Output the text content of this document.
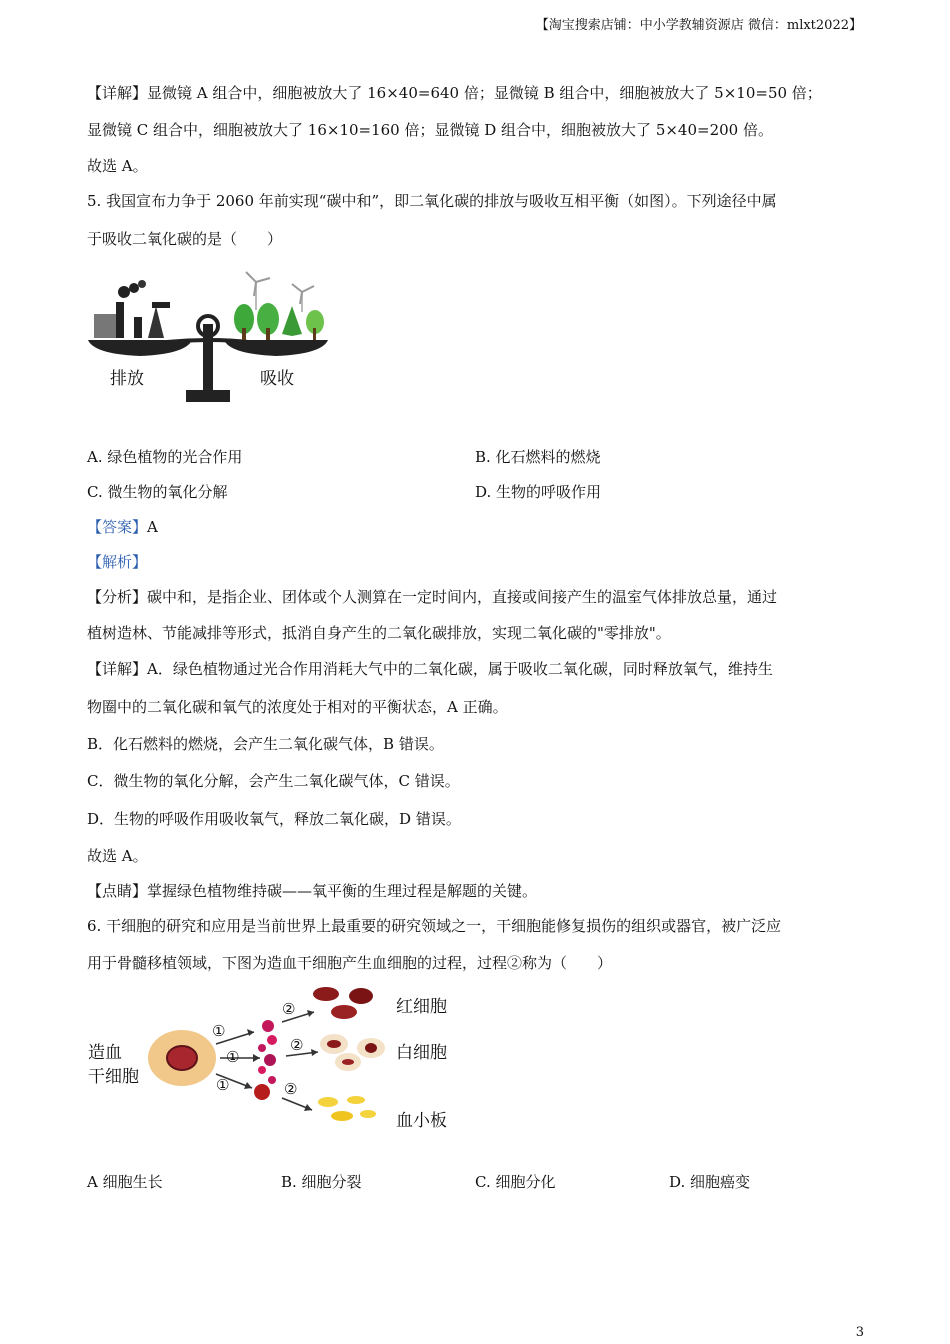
【淘宝搜索店铺：中小学教辅资源店 微信：mlxt2022】
【详解】显微镜 A 组合中，细胞被放大了 16×40=640 倍；显微镜 B 组合中，细胞被放大了 5×10=50 倍；
显微镜 C 组合中，细胞被放大了 16×10=160 倍；显微镜 D 组合中，细胞被放大了 5×40=200 倍。
故选 A。
5. 我国宣布力争于 2060 年前实现“碳中和”，即二氧化碳的排放与吸收互相平衡（如图）。下列途径中属
于吸收二氧化碳的是（　　）
排放	吸收
A. 绿色植物的光合作用	B. 化石燃料的燃烧
C. 微生物的氧化分解	D. 生物的呼吸作用
【答案】A
【解析】
【分析】碳中和，是指企业、团体或个人测算在一定时间内，直接或间接产生的温室气体排放总量，通过
植树造林、节能减排等形式，抵消自身产生的二氧化碳排放，实现二氧化碳的"零排放"。
【详解】A．绿色植物通过光合作用消耗大气中的二氧化碳，属于吸收二氧化碳，同时释放氧气，维持生
物圈中的二氧化碳和氧气的浓度处于相对的平衡状态，A 正确。
B．化石燃料的燃烧，会产生二氧化碳气体，B 错误。
C．微生物的氧化分解，会产生二氧化碳气体，C 错误。
D．生物的呼吸作用吸收氧气，释放二氧化碳，D 错误。
故选 A。
【点睛】掌握绿色植物维持碳——氧平衡的生理过程是解题的关键。
6. 干细胞的研究和应用是当前世界上最重要的研究领域之一，干细胞能修复损伤的组织或器官，被广泛应
用于骨髓移植领域，下图为造血干细胞产生血细胞的过程，过程②称为（　　）
造血
干细胞
红细胞
白细胞
血小板
①
①
①
②
②
②
A 细胞生长	B. 细胞分裂	C. 细胞分化	D. 细胞癌变
3
